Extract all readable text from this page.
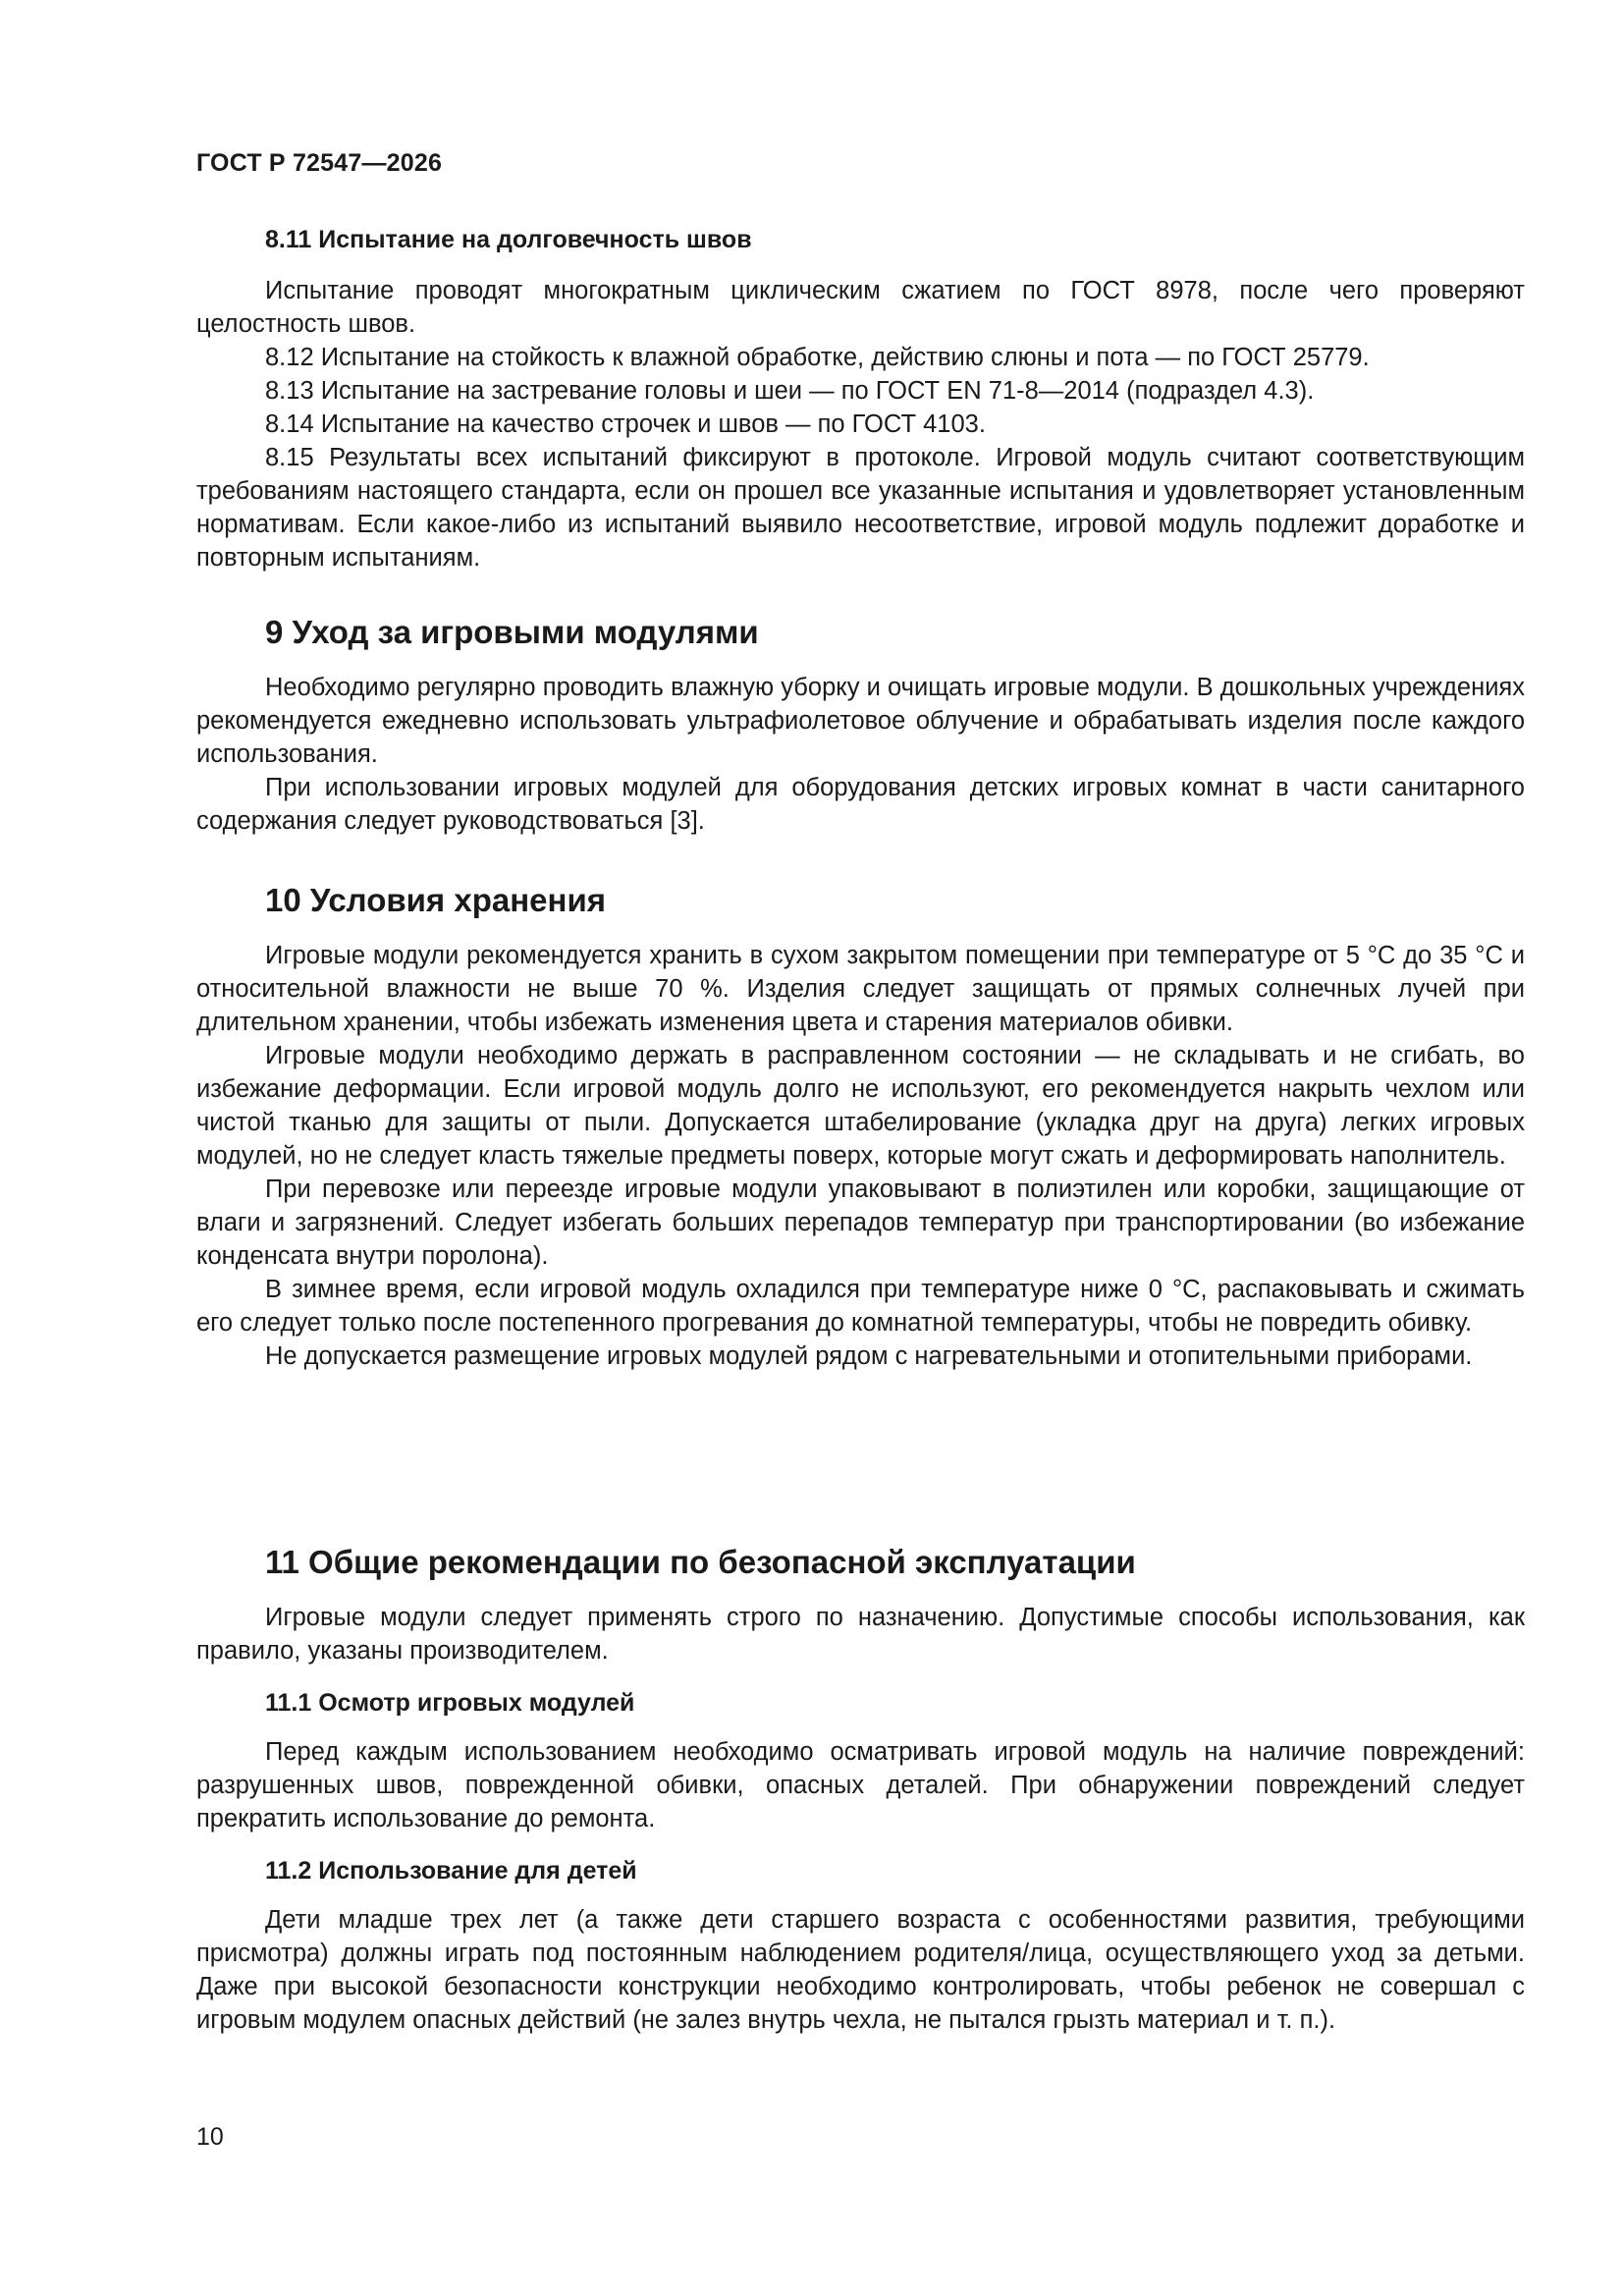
ГОСТ Р 72547—2026
8.11 Испытание на долговечность швов

Испытание проводят многократным циклическим сжатием по ГОСТ 8978, после чего проверяют целостность швов.

8.12 Испытание на стойкость к влажной обработке, действию слюны и пота — по ГОСТ 25779.

8.13 Испытание на застревание головы и шеи — по ГОСТ EN 71-8—2014 (подраздел 4.3).

8.14 Испытание на качество строчек и швов — по ГОСТ 4103.

8.15 Результаты всех испытаний фиксируют в протоколе. Игровой модуль считают соответствующим требованиям настоящего стандарта, если он прошел все указанные испытания и удовлетворяет установленным нормативам. Если какое-либо из испытаний выявило несоответствие, игровой модуль подлежит доработке и повторным испытаниям.

9 Уход за игровыми модулями

Необходимо регулярно проводить влажную уборку и очищать игровые модули. В дошкольных учреждениях рекомендуется ежедневно использовать ультрафиолетовое облучение и обрабатывать изделия после каждого использования.

При использовании игровых модулей для оборудования детских игровых комнат в части санитарного содержания следует руководствоваться [3].

10 Условия хранения

Игровые модули рекомендуется хранить в сухом закрытом помещении при температуре от 5 °С до 35 °С и относительной влажности не выше 70 %. Изделия следует защищать от прямых солнечных лучей при длительном хранении, чтобы избежать изменения цвета и старения материалов обивки.

Игровые модули необходимо держать в расправленном состоянии — не складывать и не сгибать, во избежание деформации. Если игровой модуль долго не используют, его рекомендуется накрыть чехлом или чистой тканью для защиты от пыли. Допускается штабелирование (укладка друг на друга) легких игровых модулей, но не следует класть тяжелые предметы поверх, которые могут сжать и деформировать наполнитель.

При перевозке или переезде игровые модули упаковывают в полиэтилен или коробки, защищающие от влаги и загрязнений. Следует избегать больших перепадов температур при транспортировании (во избежание конденсата внутри поролона).

В зимнее время, если игровой модуль охладился при температуре ниже 0 °С, распаковывать и сжимать его следует только после постепенного прогревания до комнатной температуры, чтобы не повредить обивку.

Не допускается размещение игровых модулей рядом с нагревательными и отопительными приборами.

11 Общие рекомендации по безопасной эксплуатации

Игровые модули следует применять строго по назначению. Допустимые способы использования, как правило, указаны производителем.

11.1 Осмотр игровых модулей

Перед каждым использованием необходимо осматривать игровой модуль на наличие повреждений: разрушенных швов, поврежденной обивки, опасных деталей. При обнаружении повреждений следует прекратить использование до ремонта.

11.2 Использование для детей

Дети младше трех лет (а также дети старшего возраста с особенностями развития, требующими присмотра) должны играть под постоянным наблюдением родителя/лица, осуществляющего уход за детьми. Даже при высокой безопасности конструкции необходимо контролировать, чтобы ребенок не совершал с игровым модулем опасных действий (не залез внутрь чехла, не пытался грызть материал и т. п.).

10
